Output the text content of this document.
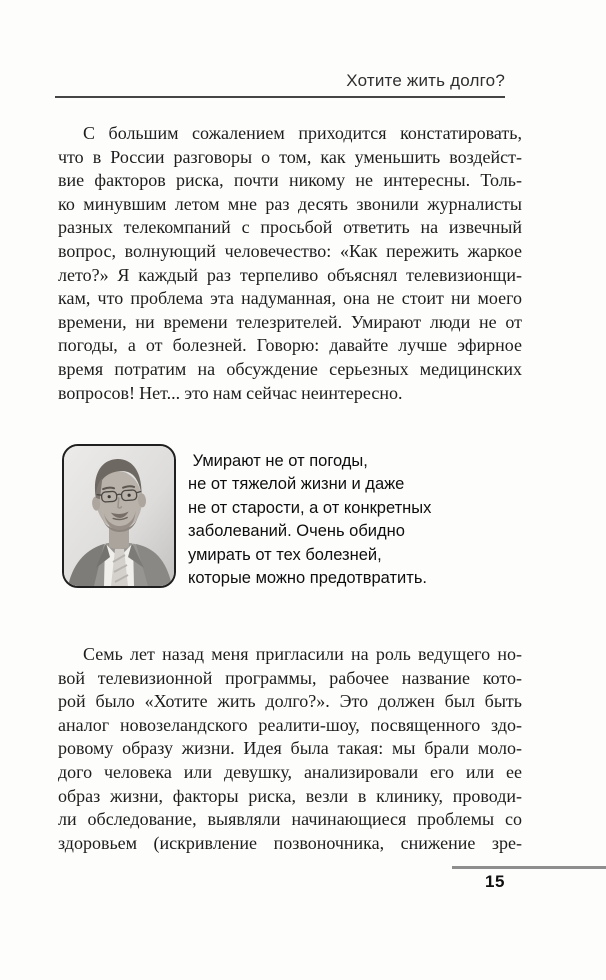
Хотите жить долго?
С большим сожалением приходится констатировать,
что в России разговоры о том, как уменьшить воздейст-
вие факторов риска, почти никому не интересны. Толь-
ко минувшим летом мне раз десять звонили журналисты
разных телекомпаний с просьбой ответить на извечный
вопрос, волнующий человечество: «Как пережить жаркое
лето?» Я каждый раз терпеливо объяснял телевизионщи-
кам, что проблема эта надуманная, она не стоит ни моего
времени, ни времени телезрителей. Умирают люди не от
погоды, а от болезней. Говорю: давайте лучше эфирное
время потратим на обсуждение серьезных медицинских
вопросов! Нет... это нам сейчас неинтересно.
Умирают не от погоды,
не от тяжелой жизни и даже
не от старости, а от конкретных
заболеваний. Очень обидно
умирать от тех болезней,
которые можно предотвратить.
Семь лет назад меня пригласили на роль ведущего но-
вой телевизионной программы, рабочее название кото-
рой было «Хотите жить долго?». Это должен был быть
аналог новозеландского реалити-шоу, посвященного здо-
ровому образу жизни. Идея была такая: мы брали моло-
дого человека или девушку, анализировали его или ее
образ жизни, факторы риска, везли в клинику, проводи-
ли обследование, выявляли начинающиеся проблемы со
здоровьем (искривление позвоночника, снижение зре-
15
